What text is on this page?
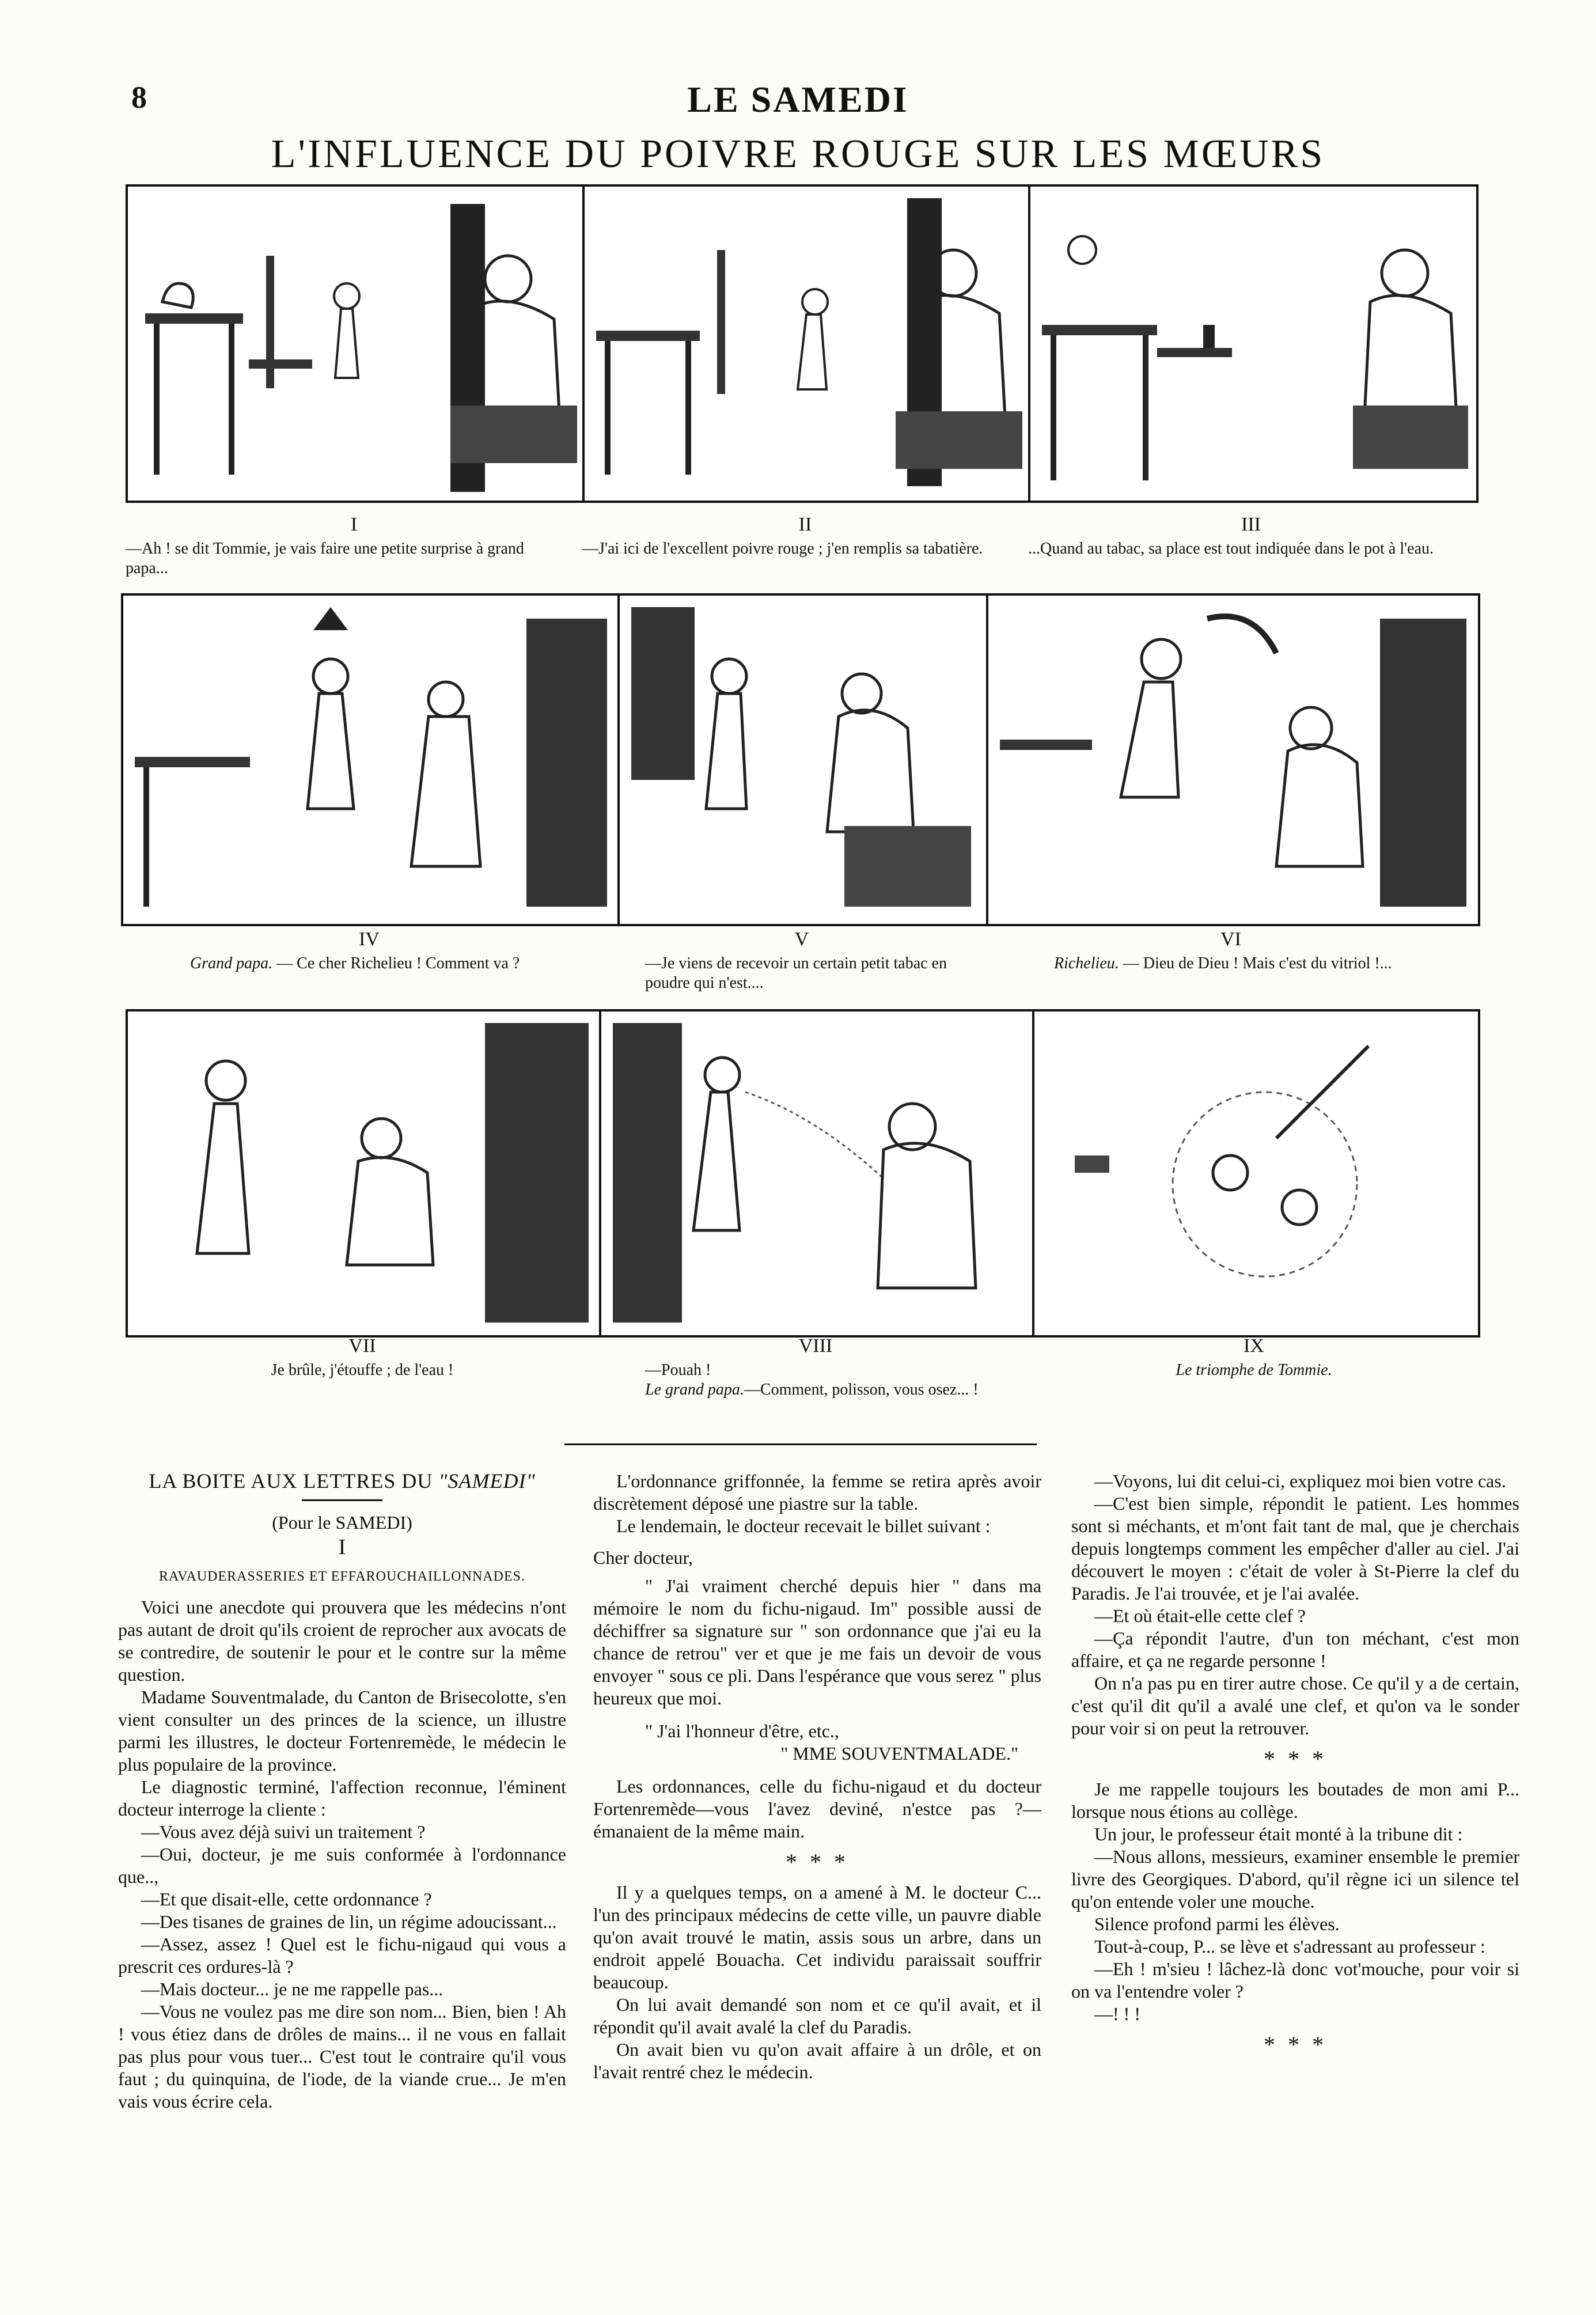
8	LE SAMEDI
L'INFLUENCE DU POIVRE ROUGE SUR LES MŒURS
I	II	III
—Ah ! se dit Tommie, je vais faire une petite surprise à grand papa...
—J'ai ici de l'excellent poivre rouge ; j'en remplis sa tabatière.	...Quand au tabac, sa place est tout indiquée dans le pot à l'eau.
IV	V	VI
Grand papa. — Ce cher Richelieu ! Comment va ?	—Je viens de recevoir un certain petit tabac en poudre qui n'est....
Richelieu. — Dieu de Dieu ! Mais c'est du vitriol !...
VII	VIII	IX
Je brûle, j'étouffe ; de l'eau !	—Pouah !
Le grand papa.—Comment, polisson, vous osez... !
Le triomphe de Tommie.
LA BOITE AUX LETTRES DU "SAMEDI"
(Pour le SAMEDI)
I
RAVAUDERASSERIES ET EFFAROUCHAILLONNADES.

Voici une anecdote qui prouvera que les médecins n'ont pas autant de droit qu'ils croient de reprocher aux avocats de se contredire, de soutenir le pour et le contre sur la même question.

Madame Souventmalade, du Canton de Brisecolotte, s'en vient consulter un des princes de la science, un illustre parmi les illustres, le docteur Fortenremède, le médecin le plus populaire de la province.

Le diagnostic terminé, l'affection reconnue, l'éminent docteur interroge la cliente :

—Vous avez déjà suivi un traitement ?

—Oui, docteur, je me suis conformée à l'ordonnance que..,

—Et que disait-elle, cette ordonnance ?

—Des tisanes de graines de lin, un régime adoucissant...

—Assez, assez ! Quel est le fichu-nigaud qui vous a prescrit ces ordures-là ?

—Mais docteur... je ne me rappelle pas...

—Vous ne voulez pas me dire son nom... Bien, bien ! Ah ! vous étiez dans de drôles de mains... il ne vous en fallait pas plus pour vous tuer... C'est tout le contraire qu'il vous faut ; du quinquina, de l'iode, de la viande crue... Je m'en vais vous écrire cela.

L'ordonnance griffonnée, la femme se retira après avoir discrètement déposé une piastre sur la table.

Le lendemain, le docteur recevait le billet suivant :

Cher docteur,

" J'ai vraiment cherché depuis hier " dans ma mémoire le nom du fichu-nigaud. Im" possible aussi de déchiffrer sa signature sur " son ordonnance que j'ai eu la chance de retrou" ver et que je me fais un devoir de vous envoyer " sous ce pli. Dans l'espérance que vous serez " plus heureux que moi.

" J'ai l'honneur d'être, etc.,

" MME SOUVENTMALADE."

Les ordonnances, celle du fichu-nigaud et du docteur Fortenremède—vous l'avez deviné, n'estce pas ?—émanaient de la même main.

* * *

Il y a quelques temps, on a amené à M. le docteur C... l'un des principaux médecins de cette ville, un pauvre diable qu'on avait trouvé le matin, assis sous un arbre, dans un endroit appelé Bouacha. Cet individu paraissait souffrir beaucoup.

On lui avait demandé son nom et ce qu'il avait, et il répondit qu'il avait avalé la clef du Paradis.

On avait bien vu qu'on avait affaire à un drôle, et on l'avait rentré chez le médecin.

—Voyons, lui dit celui-ci, expliquez moi bien votre cas.

—C'est bien simple, répondit le patient. Les hommes sont si méchants, et m'ont fait tant de mal, que je cherchais depuis longtemps comment les empêcher d'aller au ciel. J'ai découvert le moyen : c'était de voler à St-Pierre la clef du Paradis. Je l'ai trouvée, et je l'ai avalée.

—Et où était-elle cette clef ?

—Ça répondit l'autre, d'un ton méchant, c'est mon affaire, et ça ne regarde personne !

On n'a pas pu en tirer autre chose. Ce qu'il y a de certain, c'est qu'il dit qu'il a avalé une clef, et qu'on va le sonder pour voir si on peut la retrouver.

* * *

Je me rappelle toujours les boutades de mon ami P... lorsque nous étions au collège.

Un jour, le professeur était monté à la tribune dit :

—Nous allons, messieurs, examiner ensemble le premier livre des Georgiques. D'abord, qu'il règne ici un silence tel qu'on entende voler une mouche.

Silence profond parmi les élèves.

Tout-à-coup, P... se lève et s'adressant au professeur :

—Eh ! m'sieu ! lâchez-là donc vot'mouche, pour voir si on va l'entendre voler ?

—! ! !

* * *
